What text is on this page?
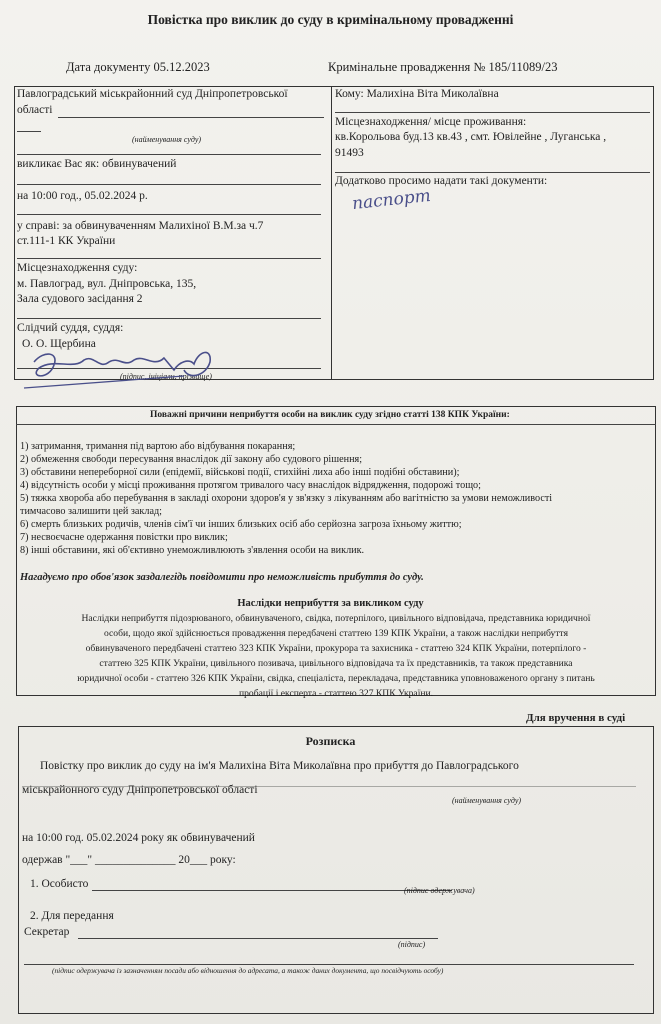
Повістка про виклик до суду в кримінальному провадженні
Дата документу 05.12.2023	Кримінальне провадження № 185/11089/23
Павлоградський міськрайонний суд Дніпропетровської
області
(найменування суду)
викликає Вас як: обвинувачений
на 10:00 год., 05.02.2024 р.
у справі: за обвинуваченням Малихіної В.М.за ч.7
ст.111-1 КК України
Місцезнаходження суду:
м. Павлоград, вул. Дніпровська, 135,
Зала судового засідання 2
Слідчий суддя, суддя:
О. О. Щербина
(підпис, ініціали, прізвище)
Кому: Малихіна Віта Миколаївна
Місцезнаходження/ місце проживання:
кв.Корольова буд.13 кв.43 , смт. Ювілейне , Луганська ,
91493
Додатково просимо надати такі документи:
паспорт
Поважні причини неприбуття особи на виклик суду згідно статті 138 КПК України:
1) затримання, тримання під вартою або відбування покарання;
2) обмеження свободи пересування внаслідок дії закону або судового рішення;
3) обставини непереборної сили (епідемії, військові події, стихійні лиха або інші подібні обставини);
4) відсутність особи у місці проживання протягом тривалого часу внаслідок відрядження, подорожі тощо;
5) тяжка хвороба або перебування в закладі охорони здоров'я у зв'язку з лікуванням або вагітністю за умови неможливості
тимчасово залишити цей заклад;
6) смерть близьких родичів, членів сім'ї чи інших близьких осіб або серйозна загроза їхньому життю;
7) несвоєчасне одержання повістки про виклик;
8) інші обставини, які об'єктивно унеможливлюють з'явлення особи на виклик.
Нагадуємо про обов'язок заздалегідь повідомити про неможливість прибуття до суду.
Наслідки неприбуття за викликом суду
Наслідки неприбуття підозрюваного, обвинуваченого, свідка, потерпілого, цивільного відповідача, представника юридичної
особи, щодо якої здійснюється провадження передбачені статтею 139 КПК України, а також наслідки неприбуття
обвинуваченого передбачені статтею 323 КПК України, прокурора та захисника - статтею 324 КПК України, потерпілого -
статтею 325 КПК України, цивільного позивача, цивільного відповідача та їх представників, та також представника
юридичної особи - статтею 326 КПК України, свідка, спеціаліста, перекладача, представника уповноваженого органу з питань
пробації і експерта - статтею 327 КПК України.
Для вручення в суді
Розписка
Повістку про виклик до суду на ім'я Малихіна Віта Миколаївна про прибуття до Павлоградського
міськрайонного суду Дніпропетровської області
(найменування суду)
на 10:00 год. 05.02.2024 року як обвинувачений
одержав "___" ______________ 20___ року:
1. Особисто
(підпис одержувача)
2. Для передання
Секретар
(підпис)
(підпис одержувача із зазначенням посади або відношення до адресата, а також даних документа, що посвідчують особу)
